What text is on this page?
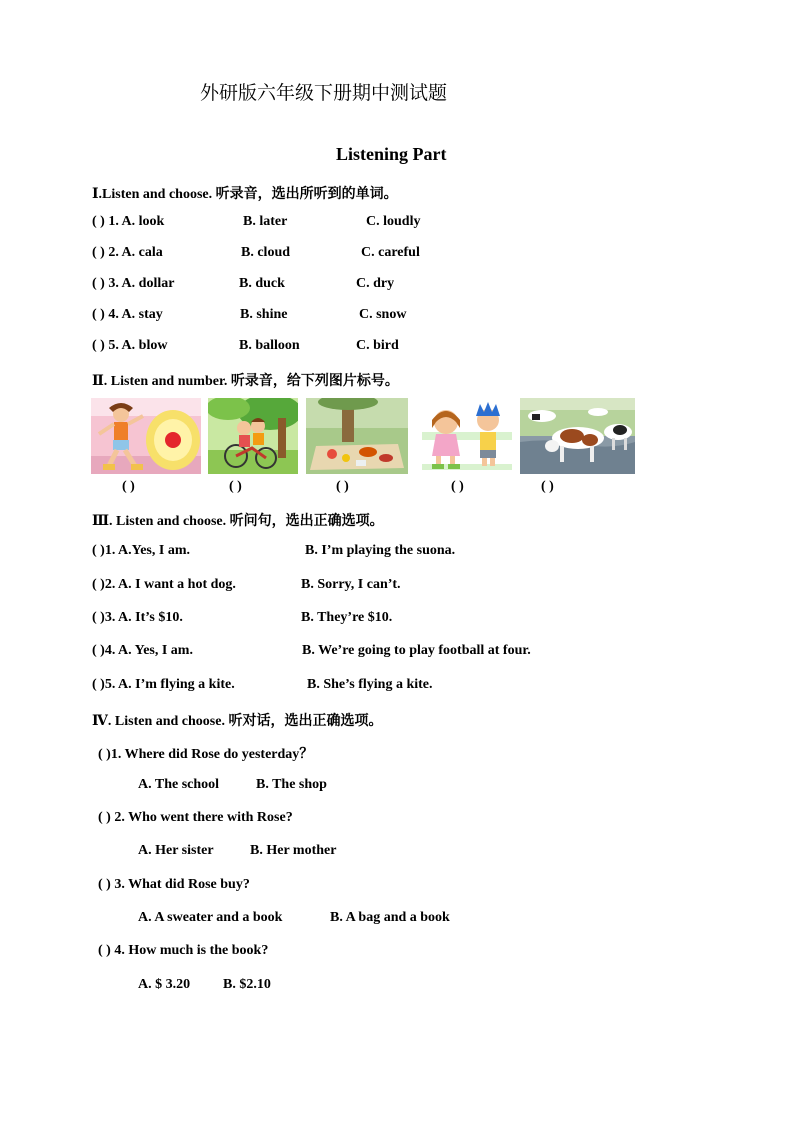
外研版六年级下册期中测试题
Listening Part
Ⅰ.Listen and choose. 听录音，选出所听到的单词。
( ) 1. A. look	B. later	C. loudly
( ) 2. A. cala	B. cloud	C. careful
( ) 3. A. dollar	B. duck	C. dry
( ) 4. A. stay	B. shine	C. snow
( ) 5. A. blow	B. balloon	C. bird
Ⅱ. Listen and number. 听录音，给下列图片标号。
( )	( )	( )	( )	( )
Ⅲ. Listen and choose. 听问句，选出正确选项。
( )1. A.Yes, I am.	B. I’m playing the suona.
( )2. A. I want a hot dog.	B. Sorry, I can’t.
( )3. A. It’s $10.	B. They’re $10.
( )4. A. Yes, I am.	B. We’re going to play football at four.
( )5. A. I’m flying a kite.	B. She’s flying a kite.
Ⅳ. Listen and choose. 听对话，选出正确选项。
( )1. Where did Rose do yesterday？
A. The school	B. The shop
( ) 2. Who went there with Rose?
A. Her sister	B. Her mother
( ) 3. What did Rose buy?
A. A sweater and a book	B. A bag and a book
( ) 4. How much is the book?
A. $ 3.20 B. $2.10
